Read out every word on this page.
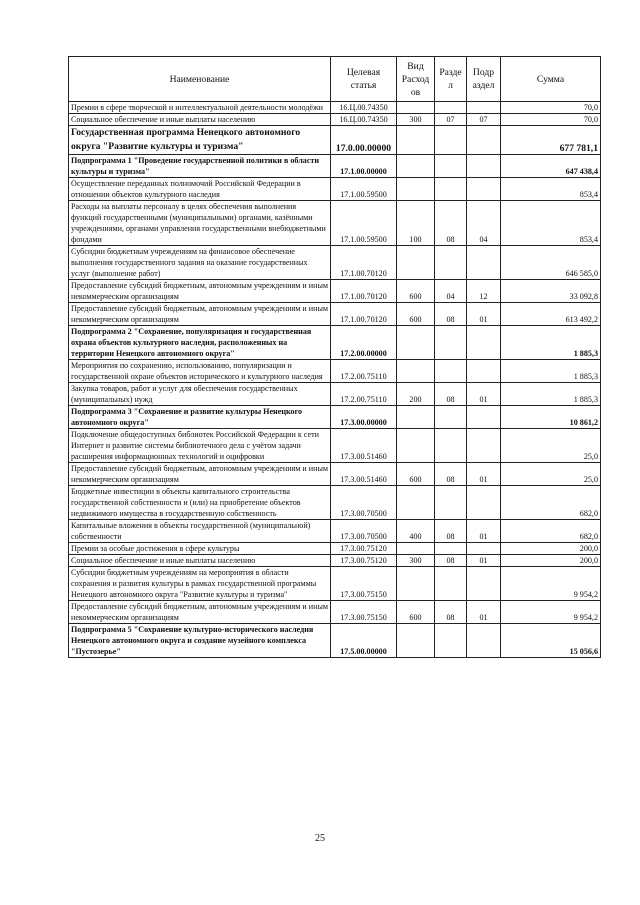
Наименование	Целевая статья	Вид Расход ов	Разде л	Подр аздел	Сумма
Премии в сфере творческой и интеллектуальной деятельности молодёжи	16.Ц.00.74350				70,0
Социальное обеспечение и иные выплаты населению	16.Ц.00.74350	300	07	07	70,0
Государственная программа Ненецкого автономного округа "Развитие культуры и туризма"	17.0.00.00000				677 781,1
Подпрограмма 1 "Проведение государственной политики в области культуры и туризма"	17.1.00.00000				647 438,4
Осуществление переданных полномочий Российской Федерации в отношении объектов культурного наследия	17.1.00.59500				853,4
Расходы на выплаты персоналу в целях обеспечения выполнения функций государственными (муниципальными) органами, казёнными учреждениями, органами управления государственными внебюджетными фондами	17.1.00.59500	100	08	04	853,4
Субсидии бюджетным учреждениям на финансовое обеспечение выполнения государственного задания на оказание государственных услуг (выполнение работ)	17.1.00.70120				646 585,0
Предоставление субсидий бюджетным, автономным учреждениям и иным некоммерческим организациям	17.1.00.70120	600	04	12	33 092,8
Предоставление субсидий бюджетным, автономным учреждениям и иным некоммерческим организациям	17.1.00.70120	600	08	01	613 492,2
Подпрограмма 2 "Сохранение, популяризация и государственная охрана объектов культурного наследия, расположенных на территории Ненецкого автономного округа"	17.2.00.00000				1 885,3
Мероприятия по сохранению, использованию, популяризации и государственной охране объектов исторического и культурного наследия	17.2.00.75110				1 885,3
Закупка товаров, работ и услуг для обеспечения государственных (муниципальных) нужд	17.2.00.75110	200	08	01	1 885,3
Подпрограмма 3 "Сохранение и развитие культуры Ненецкого автономного округа"	17.3.00.00000				10 861,2
Подключение общедоступных библиотек Российской Федерации к сети Интернет и развитие системы библиотечного дела с учётом задачи расширения информационных технологий и оцифровки	17.3.00.51460				25,0
Предоставление субсидий бюджетным, автономным учреждениям и иным некоммерческим организациям	17.3.00.51460	600	08	01	25,0
Бюджетные инвестиции в объекты капитального строительства государственной собственности и (или) на приобретение объектов недвижимого имущества в государственную собственность	17.3.00.70500				682,0
Капитальные вложения в объекты государственной (муниципальной) собственности	17.3.00.70500	400	08	01	682,0
Премии за особые достижения в сфере культуры	17.3.00.75120				200,0
Социальное обеспечение и иные выплаты населению	17.3.00.75120	300	08	01	200,0
Субсидии бюджетным учреждениям на мероприятия в области сохранения и развития культуры в рамках государственной программы Ненецкого автономного округа "Развитие культуры и туризма"	17.3.00.75150				9 954,2
Предоставление субсидий бюджетным, автономным учреждениям и иным некоммерческим организациям	17.3.00.75150	600	08	01	9 954,2
Подпрограмма 5 "Сохранение культурно-исторического наследия Ненецкого автономного округа и создание музейного комплекса "Пустозерье"	17.5.00.00000				15 056,6
25
